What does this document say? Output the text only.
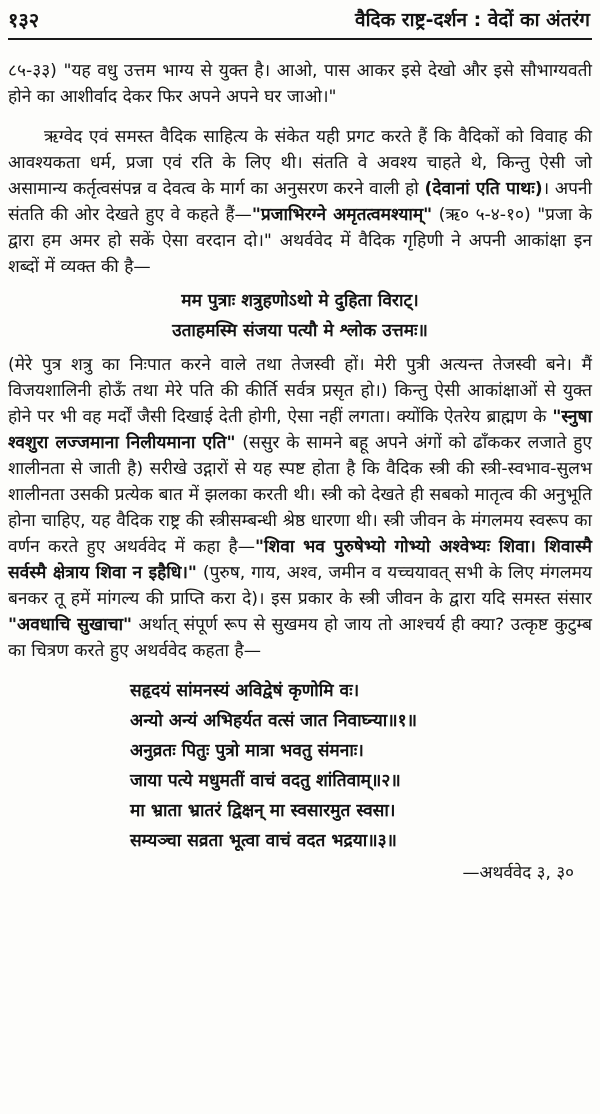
१३२	वैदिक राष्ट्र-दर्शन : वेदों का अंतरंग

८५-३३) "यह वधु उत्तम भाग्य से युक्त है। आओ, पास आकर इसे देखो और इसे सौभाग्यवती होने का आशीर्वाद देकर फिर अपने अपने घर जाओ।"

ऋग्वेद एवं समस्त वैदिक साहित्य के संकेत यही प्रगट करते हैं कि वैदिकों को विवाह की आवश्यकता धर्म, प्रजा एवं रति के लिए थी। संतति वे अवश्य चाहते थे, किन्तु ऐसी जो असामान्य कर्तृत्वसंपन्न व देवत्व के मार्ग का अनुसरण करने वाली हो (देवानां एति पाथः)। अपनी संतति की ओर देखते हुए वे कहते हैं—"प्रजाभिरग्ने अमृतत्वमश्याम्" (ऋ० ५-४-१०) "प्रजा के द्वारा हम अमर हो सकें ऐसा वरदान दो।" अथर्ववेद में वैदिक गृहिणी ने अपनी आकांक्षा इन शब्दों में व्यक्त की है—

मम पुत्राः शत्रुहणोऽथो मे दुहिता विराट्।
उताहमस्मि संजया पत्यौ मे श्लोक उत्तमः॥

(मेरे पुत्र शत्रु का निःपात करने वाले तथा तेजस्वी हों। मेरी पुत्री अत्यन्त तेजस्वी बने। मैं विजयशालिनी होऊँ तथा मेरे पति की कीर्ति सर्वत्र प्रसृत हो।) किन्तु ऐसी आकांक्षाओं से युक्त होने पर भी वह मर्दों जैसी दिखाई देती होगी, ऐसा नहीं लगता। क्योंकि ऐतरेय ब्राह्मण के "स्नुषा श्वशुरा लज्जमाना निलीयमाना एति" (ससुर के सामने बहू अपने अंगों को ढाँककर लजाते हुए शालीनता से जाती है) सरीखे उद्गारों से यह स्पष्ट होता है कि वैदिक स्त्री की स्त्री-स्वभाव-सुलभ शालीनता उसकी प्रत्येक बात में झलका करती थी। स्त्री को देखते ही सबको मातृत्व की अनुभूति होना चाहिए, यह वैदिक राष्ट्र की स्त्रीसम्बन्धी श्रेष्ठ धारणा थी। स्त्री जीवन के मंगलमय स्वरूप का वर्णन करते हुए अथर्ववेद में कहा है—"शिवा भव पुरुषेभ्यो गोभ्यो अश्वेभ्यः शिवा। शिवास्मै सर्वस्मै क्षेत्राय शिवा न इहैधि।" (पुरुष, गाय, अश्व, जमीन व यच्चयावत् सभी के लिए मंगलमय बनकर तू हमें मांगल्य की प्राप्ति करा दे)। इस प्रकार के स्त्री जीवन के द्वारा यदि समस्त संसार "अवधाचि सुखाचा" अर्थात् संपूर्ण रूप से सुखमय हो जाय तो आश्चर्य ही क्या? उत्कृष्ट कुटुम्ब का चित्रण करते हुए अथर्ववेद कहता है—

सहृदयं सांमनस्यं अविद्वेषं कृणोमि वः।
अन्यो अन्यं अभिहर्यत वत्सं जात निवाघ्न्या॥१॥
अनुव्रतः पितुः पुत्रो मात्रा भवतु संमनाः।
जाया पत्ये मधुमतीं वाचं वदतु शांतिवाम्॥२॥
मा भ्राता भ्रातरं द्विक्षन् मा स्वसारमुत स्वसा।
सम्यञ्चा सव्रता भूत्वा वाचं वदत भद्रया॥३॥
—अथर्ववेद ३, ३०
